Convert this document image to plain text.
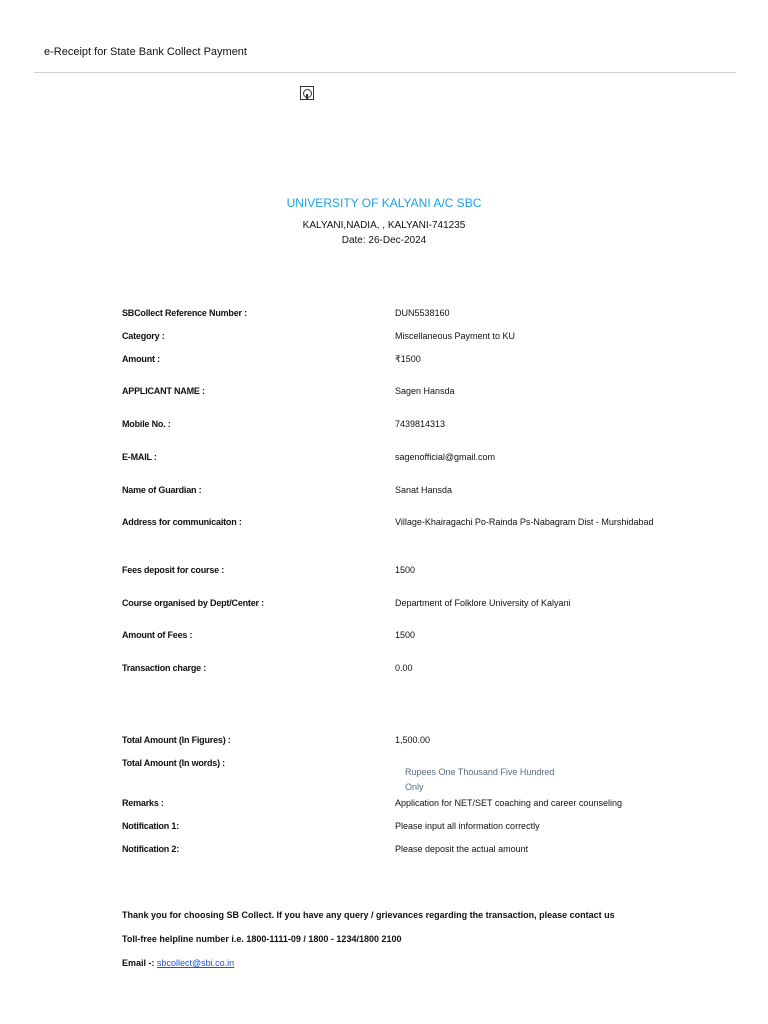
e-Receipt for State Bank Collect Payment
UNIVERSITY OF KALYANI A/C SBC
KALYANI,NADIA, , KALYANI-741235
Date: 26-Dec-2024
SBCollect Reference Number :	DUN5538160
Category :	Miscellaneous Payment to KU
Amount :	₹1500
APPLICANT NAME :	Sagen Hansda
Mobile No. :	7439814313
E-MAIL :	sagenofficial@gmail.com
Name of Guardian :	Sanat Hansda
Address for communicaiton :	Village-Khairagachi Po-Rainda Ps-Nabagram Dist - Murshidabad
Fees deposit for course :	1500
Course organised by Dept/Center :	Department of Folklore University of Kalyani
Amount of Fees :	1500
Transaction charge :	0.00
Total Amount (In Figures) :	1,500.00
Total Amount (In words) :
Rupees One Thousand Five Hundred Only
Remarks :	Application for NET/SET coaching and career counseling
Notification 1:	Please input all information correctly
Notification 2:	Please deposit the actual amount
Thank you for choosing SB Collect. If you have any query / grievances regarding the transaction, please contact us
Toll-free helpline number i.e. 1800-1111-09 / 1800 - 1234/1800 2100
Email -: sbcollect@sbi.co.in
